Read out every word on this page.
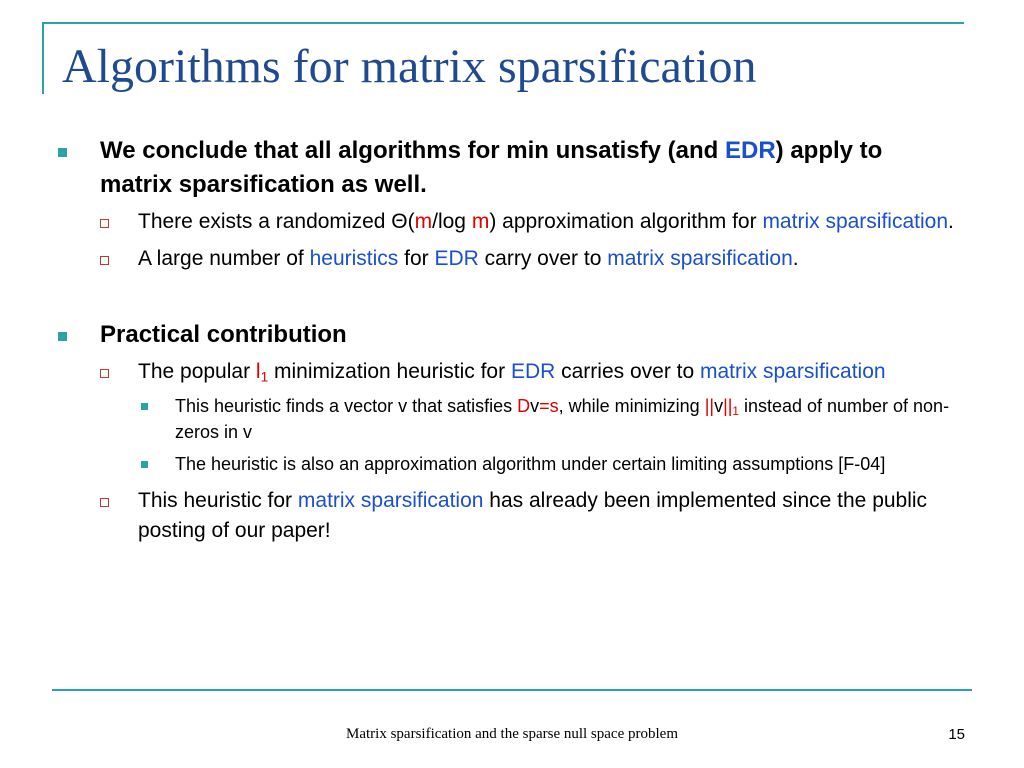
Algorithms for matrix sparsification
We conclude that all algorithms for min unsatisfy (and EDR) apply to matrix sparsification as well.
There exists a randomized Θ(m/log m) approximation algorithm for matrix sparsification.
A large number of heuristics for EDR carry over to matrix sparsification.
Practical contribution
The popular $l_1$ minimization heuristic for EDR carries over to matrix sparsification
This heuristic finds a vector v that satisfies Dv=s, while minimizing $||v||_1$ instead of number of non-zeros in v
The heuristic is also an approximation algorithm under certain limiting assumptions [F-04]
This heuristic for matrix sparsification has already been implemented since the public posting of our paper!
Matrix sparsification and the sparse null space problem	15
